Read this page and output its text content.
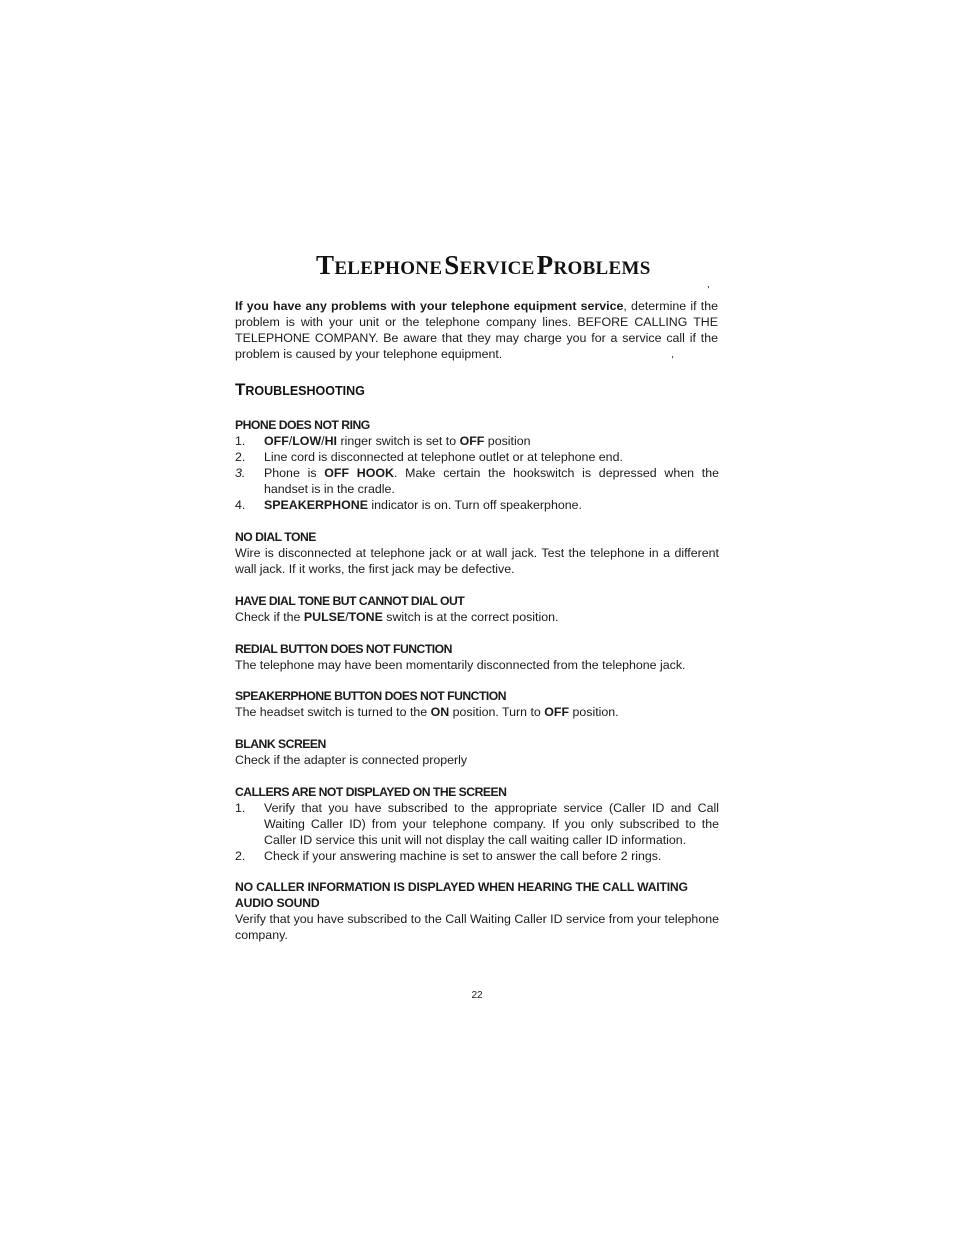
TELEPHONESERVICEPROBLEMS
'
'

If you have any problems with your telephone equipment service, determine if the problem is with your unit or the telephone company lines. BEFORE CALLING THE TELEPHONE COMPANY. Be aware that they may charge you for a service call if the problem is caused by your telephone equipment.

TROUBLESHOOTING
PHONE DOES NOT RING
1. OFF/LOW/HI ringer switch is set to OFF position
2. Line cord is disconnected at telephone outlet or at telephone end.
3. Phone is OFF HOOK. Make certain the hookswitch is depressed when the handset is in the cradle.
4. SPEAKERPHONE indicator is on. Turn off speakerphone.
NO DIAL TONE

Wire is disconnected at telephone jack or at wall jack. Test the telephone in a different wall jack. If it works, the first jack may be defective.

HAVE DIAL TONE BUT CANNOT DIAL OUT

Check if the PULSE/TONE switch is at the correct position.

REDIAL BUTTON DOES NOT FUNCTION

The telephone may have been momentarily disconnected from the telephone jack.

SPEAKERPHONE BUTTON DOES NOT FUNCTION

The headset switch is turned to the ON position. Turn to OFF position.

BLANK SCREEN

Check if the adapter is connected properly

CALLERS ARE NOT DISPLAYED ON THE SCREEN
1. Verify that you have subscribed to the appropriate service (Caller ID and Call Waiting Caller ID) from your telephone company. If you only subscribed to the Caller ID service this unit will not display the call waiting caller ID information.
2. Check if your answering machine is set to answer the call before 2 rings.
NO CALLER INFORMATION IS DISPLAYED WHEN HEARING THE CALL WAITING AUDIO SOUND

Verify that you have subscribed to the Call Waiting Caller ID service from your telephone company.

22
